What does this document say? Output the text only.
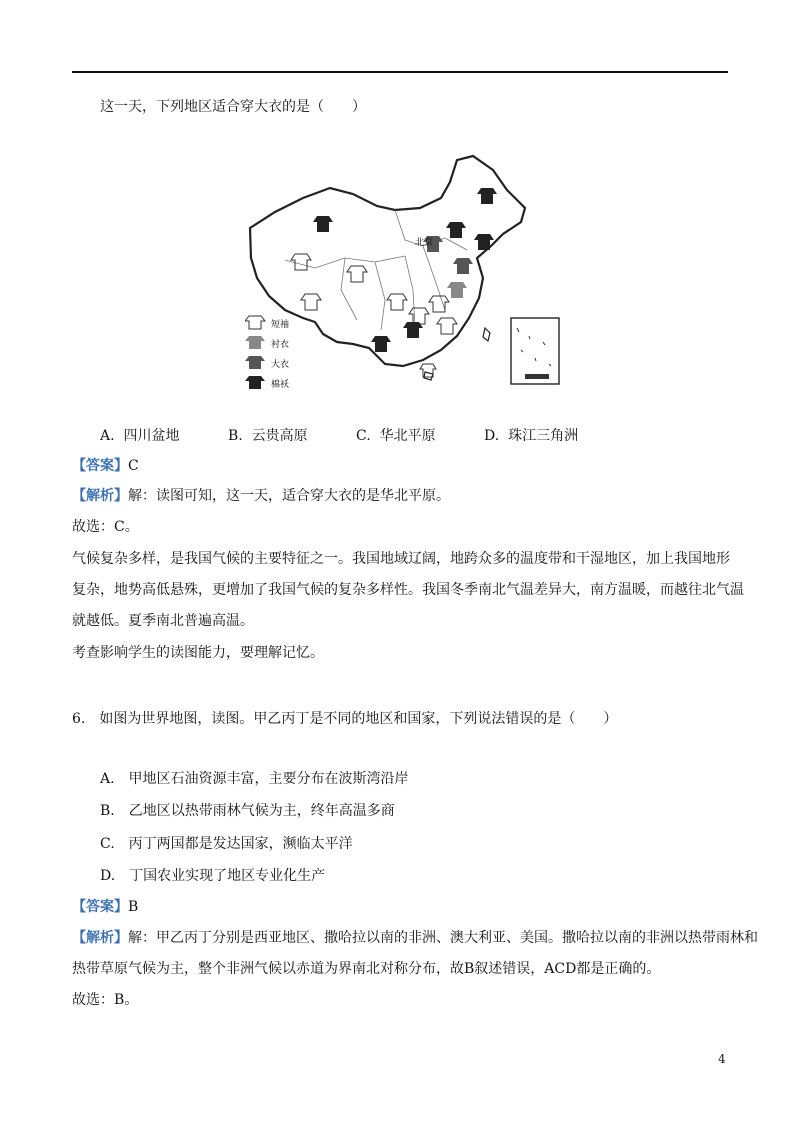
这一天，下列地区适合穿大衣的是（　　）
北京
短袖
衬衣
大衣
棉袄
A. 四川盆地	B. 云贵高原	C. 华北平原	D. 珠江三角洲
【答案】C
【解析】解：读图可知，这一天，适合穿大衣的是华北平原。
故选：C。
气候复杂多样，是我国气候的主要特征之一。我国地域辽阔，地跨众多的温度带和干湿地区，加上我国地形
复杂，地势高低悬殊，更增加了我国气候的复杂多样性。我国冬季南北气温差异大，南方温暖，而越往北气温
就越低。夏季南北普遍高温。
考查影响学生的读图能力，要理解记忆。
6.　如图为世界地图，读图。甲乙丙丁是不同的地区和国家，下列说法错误的是（　　）
A.　甲地区石油资源丰富，主要分布在波斯湾沿岸
B.　乙地区以热带雨林气候为主，终年高温多商
C.　丙丁两国都是发达国家，濒临太平洋
D.　丁国农业实现了地区专业化生产
【答案】B
【解析】解：甲乙丙丁分别是西亚地区、撒哈拉以南的非洲、澳大利亚、美国。撒哈拉以南的非洲以热带雨林和
热带草原气候为主，整个非洲气候以赤道为界南北对称分布，故B叙述错误，ACD都是正确的。
故选：B。
4
